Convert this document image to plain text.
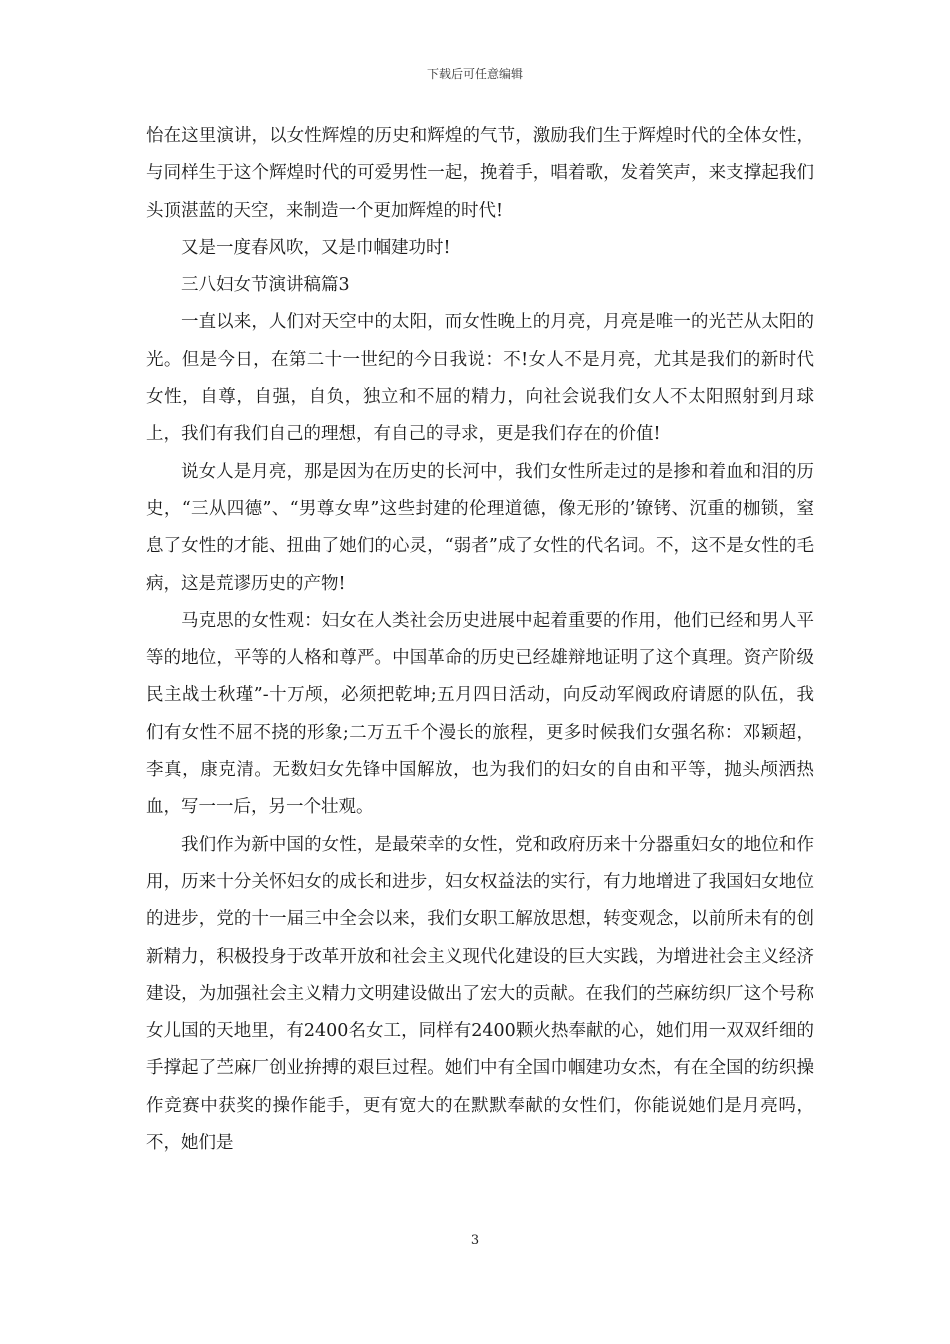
下载后可任意编辑

怡在这里演讲，以女性辉煌的历史和辉煌的气节，激励我们生于辉煌时代的全体女性，与同样生于这个辉煌时代的可爱男性一起，挽着手，唱着歌，发着笑声，来支撑起我们头顶湛蓝的天空，来制造一个更加辉煌的时代!

又是一度春风吹，又是巾帼建功时!

三八妇女节演讲稿篇3

一直以来，人们对天空中的太阳，而女性晚上的月亮，月亮是唯一的光芒从太阳的光。但是今日，在第二十一世纪的今日我说：不!女人不是月亮，尤其是我们的新时代女性，自尊，自强，自负，独立和不屈的精力，向社会说我们女人不太阳照射到月球上，我们有我们自己的理想，有自己的寻求，更是我们存在的价值!

说女人是月亮，那是因为在历史的长河中，我们女性所走过的是掺和着血和泪的历史，“三从四德”、“男尊女卑”这些封建的伦理道德，像无形的’镣铐、沉重的枷锁，窒息了女性的才能、扭曲了她们的心灵，“弱者”成了女性的代名词。不，这不是女性的毛病，这是荒谬历史的产物!

马克思的女性观：妇女在人类社会历史进展中起着重要的作用，他们已经和男人平等的地位，平等的人格和尊严。中国革命的历史已经雄辩地证明了这个真理。资产阶级民主战士秋瑾”-十万颅，必须把乾坤;五月四日活动，向反动军阀政府请愿的队伍，我们有女性不屈不挠的形象;二万五千个漫长的旅程，更多时候我们女强名称：邓颖超，李真，康克清。无数妇女先锋中国解放，也为我们的妇女的自由和平等，抛头颅洒热血，写一一后，另一个壮观。

我们作为新中国的女性，是最荣幸的女性，党和政府历来十分器重妇女的地位和作用，历来十分关怀妇女的成长和进步，妇女权益法的实行，有力地增进了我国妇女地位的进步，党的十一届三中全会以来，我们女职工解放思想，转变观念，以前所未有的创新精力，积极投身于改革开放和社会主义现代化建设的巨大实践，为增进社会主义经济建设，为加强社会主义精力文明建设做出了宏大的贡献。在我们的苎麻纺织厂这个号称女儿国的天地里，有2400名女工，同样有2400颗火热奉献的心，她们用一双双纤细的手撑起了苎麻厂创业拚搏的艰巨过程。她们中有全国巾帼建功女杰，有在全国的纺织操作竞赛中获奖的操作能手，更有宽大的在默默奉献的女性们，你能说她们是月亮吗，不，她们是

3
